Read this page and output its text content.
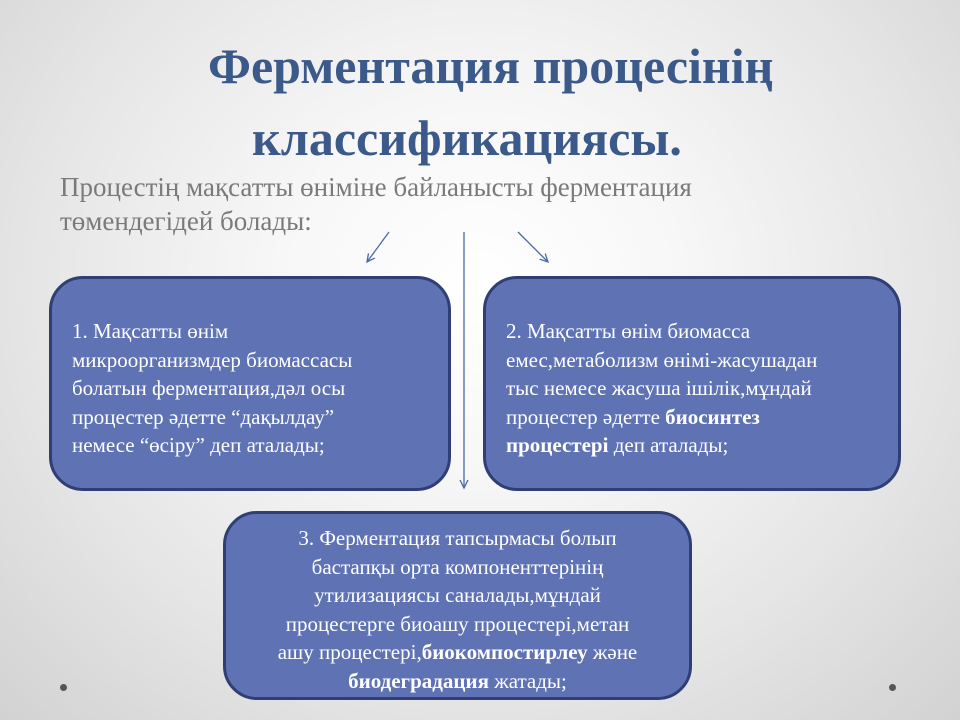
Ферментация процесінің
классификациясы.

Процестің мақсатты өніміне байланысты ферментация
төмендегідей болады:

1. Мақсатты өнім
микроорганизмдер биомассасы
болатын ферментация,дәл осы
процестер әдетте “дақылдау”
немесе “өсіру” деп аталады;
2. Мақсатты өнім биомасса
емес,метаболизм өнімі-жасушадан
тыс немесе жасуша ішілік,мұндай
процестер әдетте биосинтез
процестері деп аталады;
3. Ферментация тапсырмасы болып
бастапқы орта компоненттерінің
утилизациясы саналады,мұндай
процестерге биоашу процестері,метан
ашу процестері,биокомпостирлеу және
биодеградация жатады;
